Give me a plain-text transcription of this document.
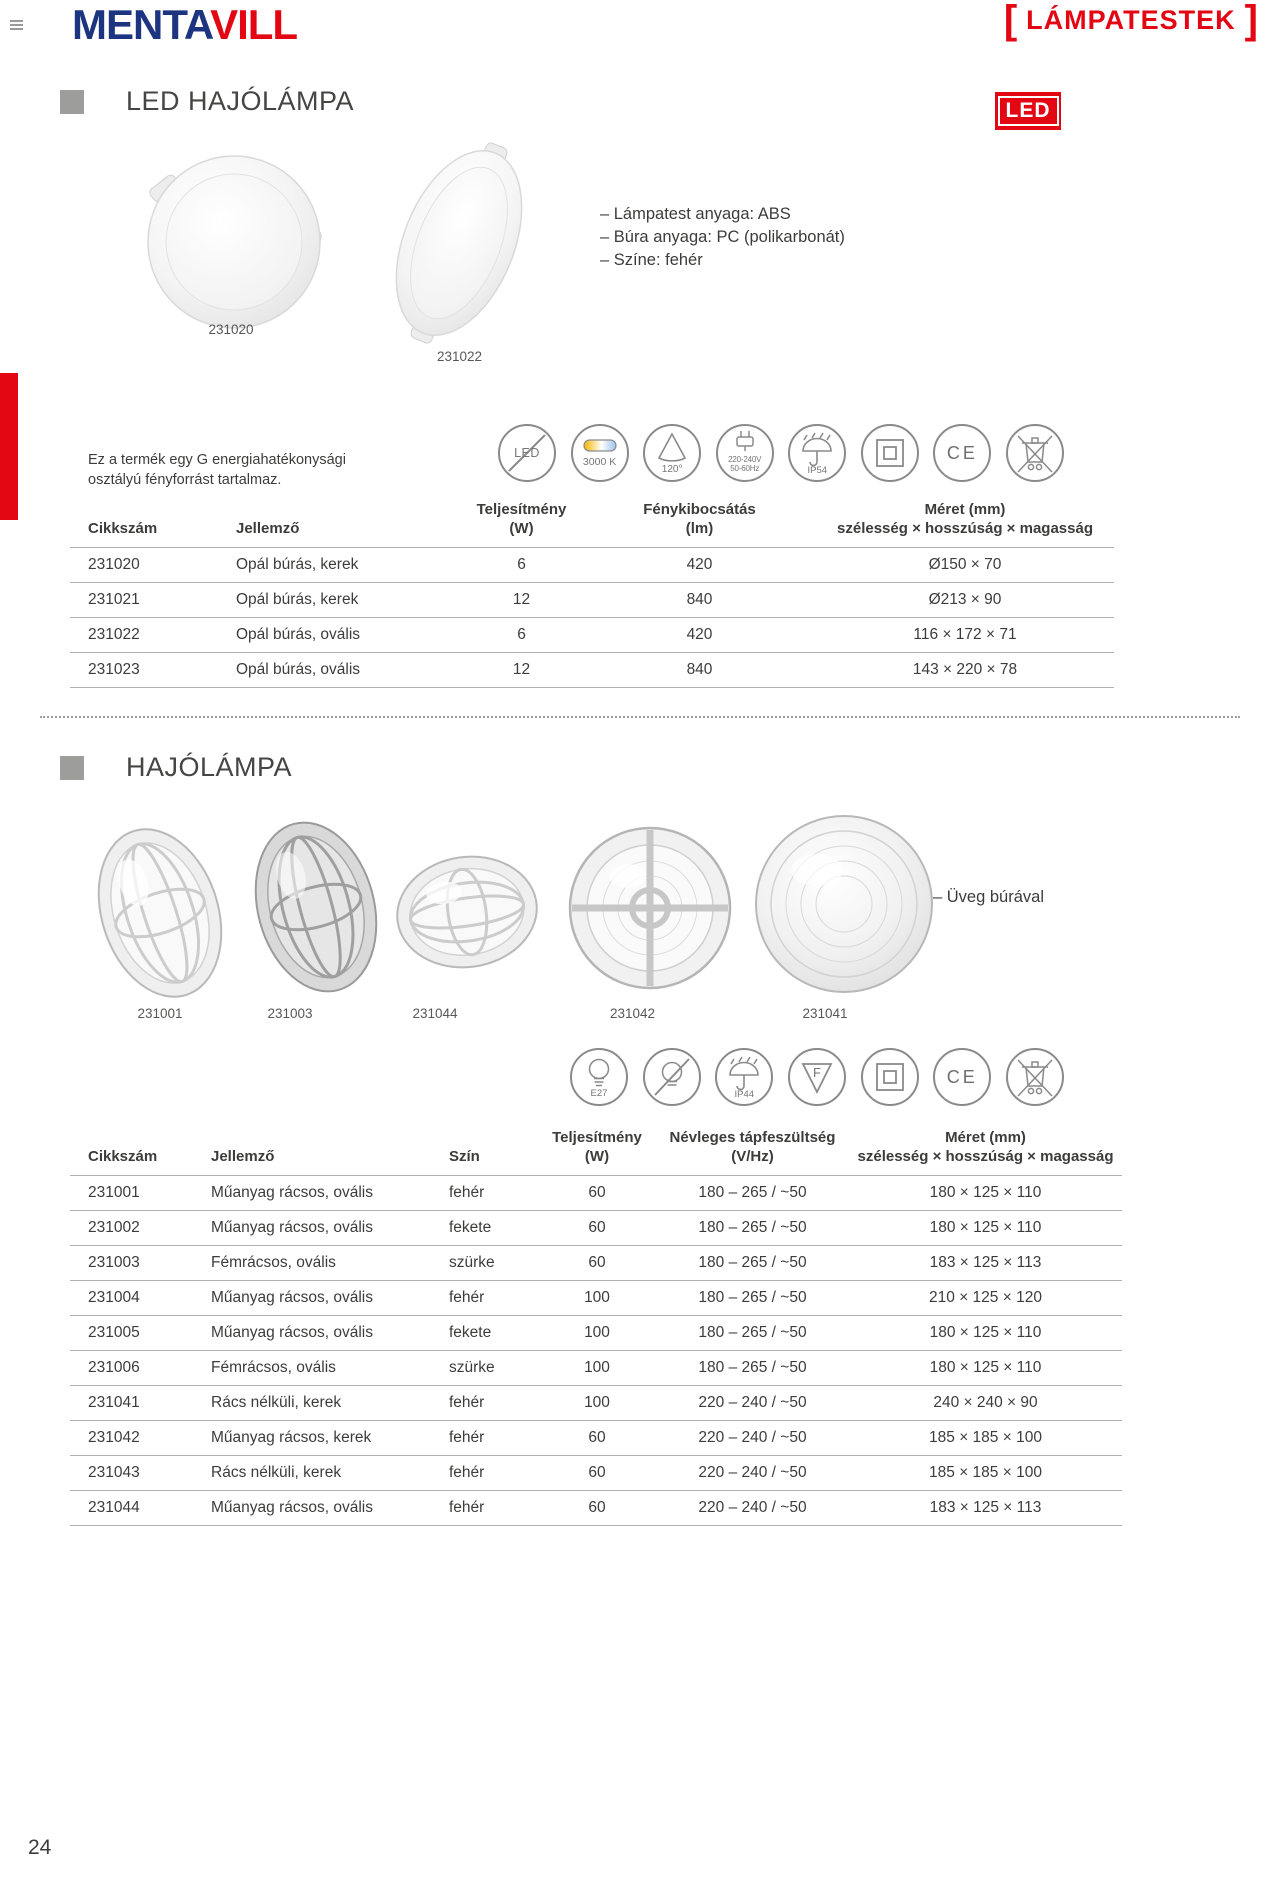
MENTAVILL	[ LÁMPATESTEK ]
LED HAJÓLÁMPA	LED
231020
231022
– Lámpatest anyaga: ABS
– Búra anyaga: PC (polikarbonát)
– Színe: fehér
Ez a termék egy G energiahatékonysági
osztályú fényforrást tartalmaz.
LED
3000 K
120°
220-240V
50-60Hz	IP54
CE
Cikkszám	Jellemző

Teljesítmény
(W)

Fénykibocsátás
(lm)

Méret (mm)
szélesség × hosszúság × magasság

231020	Opál búrás, kerek	6	420	Ø150 × 70
231021	Opál búrás, kerek	12	840	Ø213 × 90
231022	Opál búrás, ovális	6	420	116 × 172 × 71
231023	Opál búrás, ovális	12	840	143 × 220 × 78
HAJÓLÁMPA
– Üveg búrával
231001	231003	231044	231042	231041
E27	IP44
F	CE
Cikkszám	Jellemző	Szín

Teljesítmény
(W)

Névleges tápfeszültség
(V/Hz)

Méret (mm)
szélesség × hosszúság × magasság

231001	Műanyag rácsos, ovális	fehér	60	180 – 265 / ~50	180 × 125 × 110
231002	Műanyag rácsos, ovális	fekete	60	180 – 265 / ~50	180 × 125 × 110
231003	Fémrácsos, ovális	szürke	60	180 – 265 / ~50	183 × 125 × 113
231004	Műanyag rácsos, ovális	fehér	100	180 – 265 / ~50	210 × 125 × 120
231005	Műanyag rácsos, ovális	fekete	100	180 – 265 / ~50	180 × 125 × 110
231006	Fémrácsos, ovális	szürke	100	180 – 265 / ~50	180 × 125 × 110
231041	Rács nélküli, kerek	fehér	100	220 – 240 / ~50	240 × 240 × 90
231042	Műanyag rácsos, kerek	fehér	60	220 – 240 / ~50	185 × 185 × 100
231043	Rács nélküli, kerek	fehér	60	220 – 240 / ~50	185 × 185 × 100
231044	Műanyag rácsos, ovális	fehér	60	220 – 240 / ~50	183 × 125 × 113
24
